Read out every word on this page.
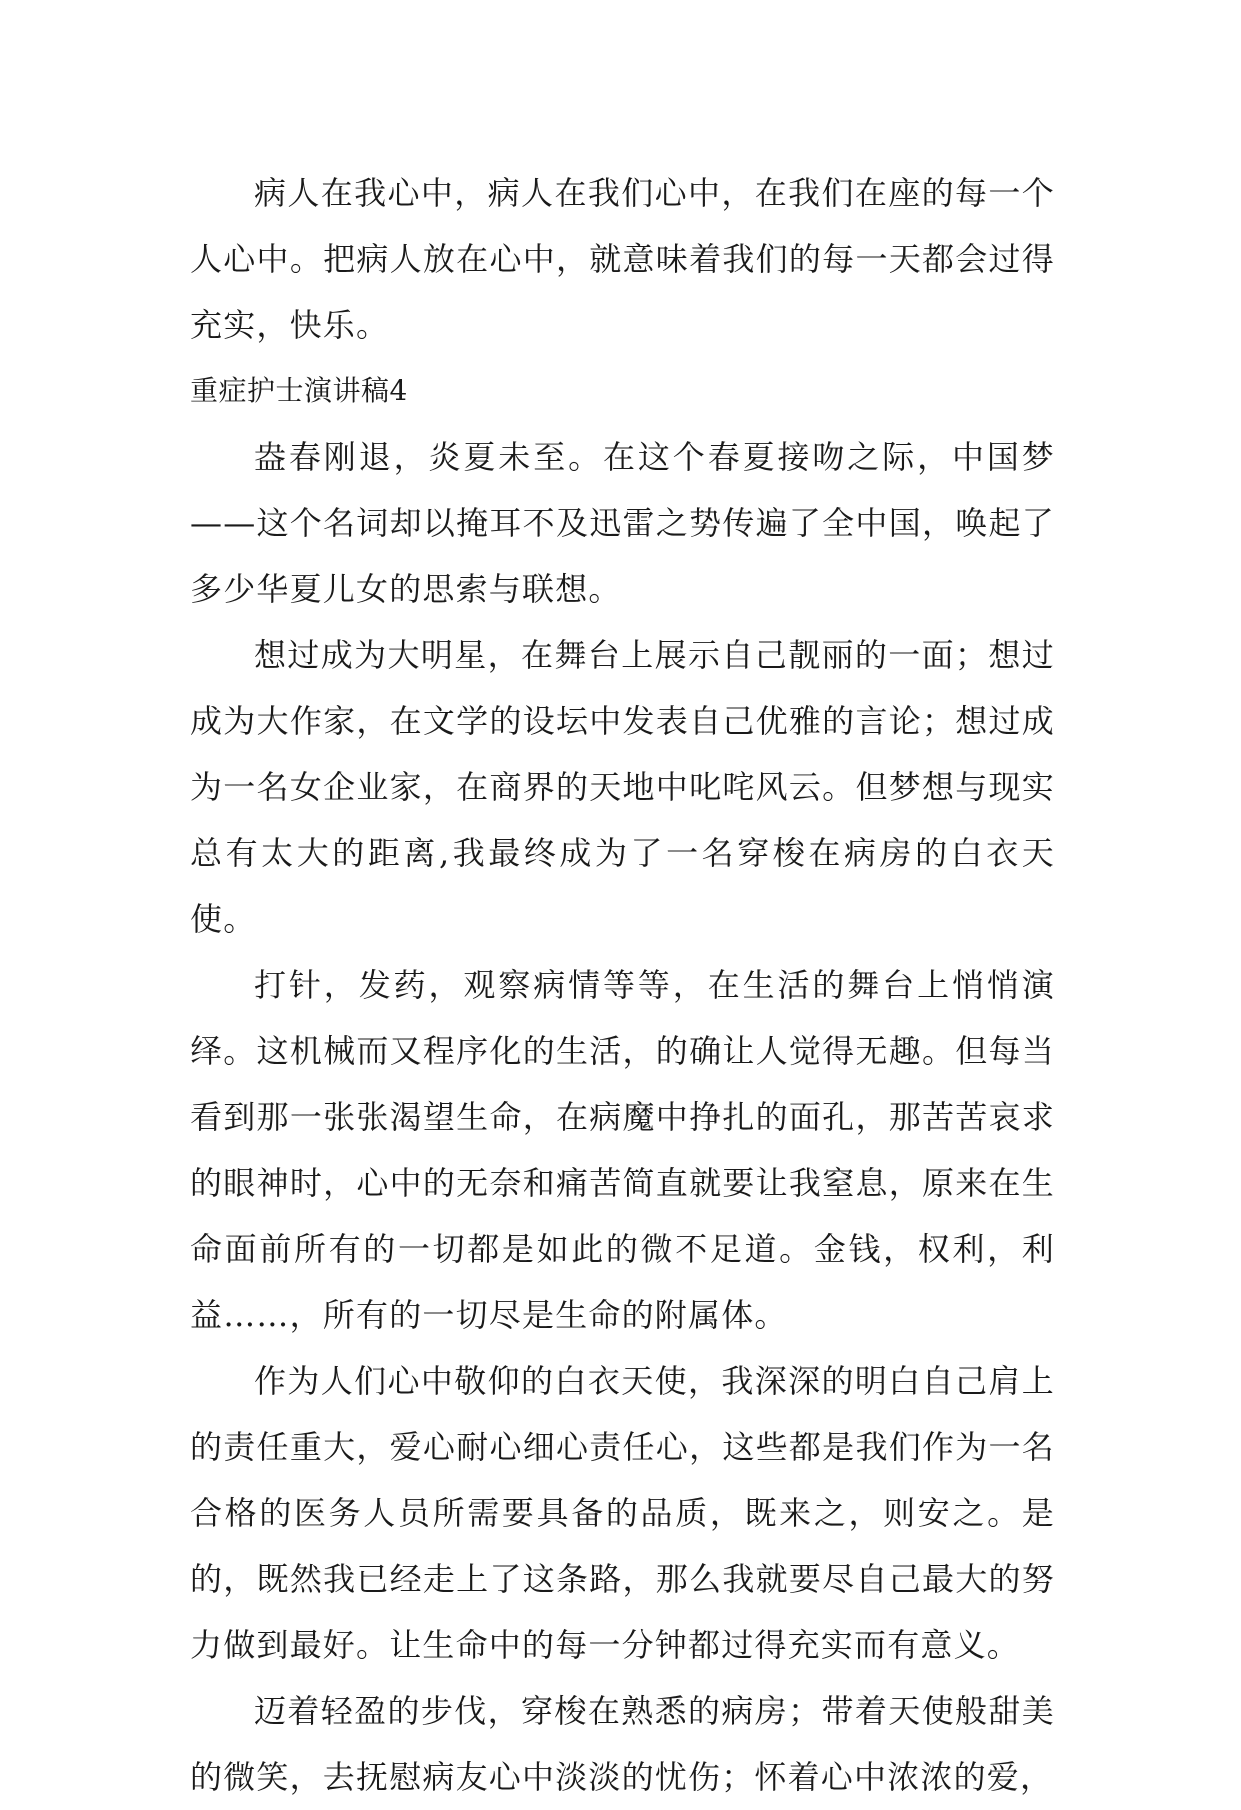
病人在我心中，病人在我们心中，在我们在座的每一个人心中。把病人放在心中，就意味着我们的每一天都会过得充实，快乐。

重症护士演讲稿4

盎春刚退，炎夏未至。在这个春夏接吻之际，中国梦——这个名词却以掩耳不及迅雷之势传遍了全中国，唤起了多少华夏儿女的思索与联想。

想过成为大明星，在舞台上展示自己靓丽的一面；想过成为大作家，在文学的设坛中发表自己优雅的言论；想过成为一名女企业家，在商界的天地中叱咤风云。但梦想与现实总有太大的距离,我最终成为了一名穿梭在病房的白衣天使。

打针，发药，观察病情等等，在生活的舞台上悄悄演绎。这机械而又程序化的生活，的确让人觉得无趣。但每当看到那一张张渴望生命，在病魔中挣扎的面孔，那苦苦哀求的眼神时，心中的无奈和痛苦简直就要让我窒息，原来在生命面前所有的一切都是如此的微不足道。金钱，权利，利益……，所有的一切尽是生命的附属体。

作为人们心中敬仰的白衣天使，我深深的明白自己肩上的责任重大，爱心耐心细心责任心，这些都是我们作为一名合格的医务人员所需要具备的品质，既来之，则安之。是的，既然我已经走上了这条路，那么我就要尽自己最大的努力做到最好。让生命中的每一分钟都过得充实而有意义。

迈着轻盈的步伐，穿梭在熟悉的病房；带着天使般甜美的微笑，去抚慰病友心中淡淡的忧伤；怀着心中浓浓的爱，
